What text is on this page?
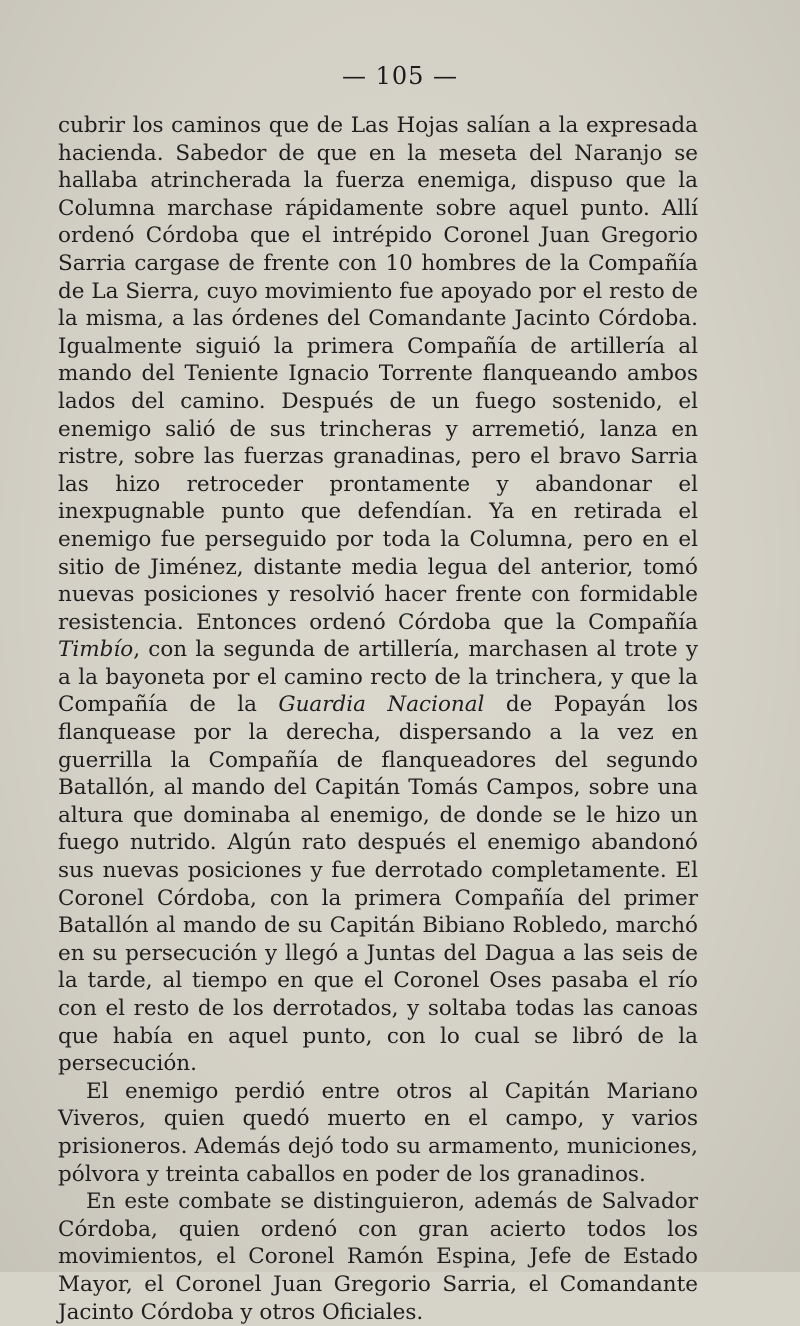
— 105 —

cubrir los caminos que de Las Hojas salían a la expresada hacienda. Sabedor de que en la meseta del Naranjo se hallaba atrincherada la fuerza enemiga, dispuso que la Columna marchase rápidamente sobre aquel punto. Allí ordenó Córdoba que el intrépido Coronel Juan Gregorio Sarria cargase de frente con 10 hombres de la Compañía de La Sierra, cuyo movimiento fue apoyado por el resto de la misma, a las órdenes del Comandante Jacinto Córdoba. Igualmente siguió la primera Compañía de artillería al mando del Teniente Ignacio Torrente flanqueando ambos lados del camino. Después de un fuego sostenido, el enemigo salió de sus trincheras y arremetió, lanza en ristre, sobre las fuerzas granadinas, pero el bravo Sarria las hizo retroceder prontamente y abandonar el inexpugnable punto que defendían. Ya en retirada el enemigo fue perseguido por toda la Columna, pero en el sitio de Jiménez, distante media legua del anterior, tomó nuevas posiciones y resolvió hacer frente con formidable resistencia. Entonces ordenó Córdoba que la Compañía Timbío, con la segunda de artillería, marchasen al trote y a la bayoneta por el camino recto de la trinchera, y que la Compañía de la Guardia Nacional de Popayán los flanquease por la derecha, dispersando a la vez en guerrilla la Compañía de flanqueadores del segundo Batallón, al mando del Capitán Tomás Campos, sobre una altura que dominaba al enemigo, de donde se le hizo un fuego nutrido. Algún rato después el enemigo abandonó sus nuevas posiciones y fue derrotado completamente. El Coronel Córdoba, con la primera Compañía del primer Batallón al mando de su Capitán Bibiano Robledo, marchó en su persecución y llegó a Juntas del Dagua a las seis de la tarde, al tiempo en que el Coronel Oses pasaba el río con el resto de los derrotados, y soltaba todas las canoas que había en aquel punto, con lo cual se libró de la persecución.

El enemigo perdió entre otros al Capitán Mariano Viveros, quien quedó muerto en el campo, y varios prisioneros. Además dejó todo su armamento, municiones, pólvora y treinta caballos en poder de los granadinos.

En este combate se distinguieron, además de Salvador Córdoba, quien ordenó con gran acierto todos los movimientos, el Coronel Ramón Espina, Jefe de Estado Mayor, el Coronel Juan Gregorio Sarria, el Comandante Jacinto Córdoba y otros Oficiales.
